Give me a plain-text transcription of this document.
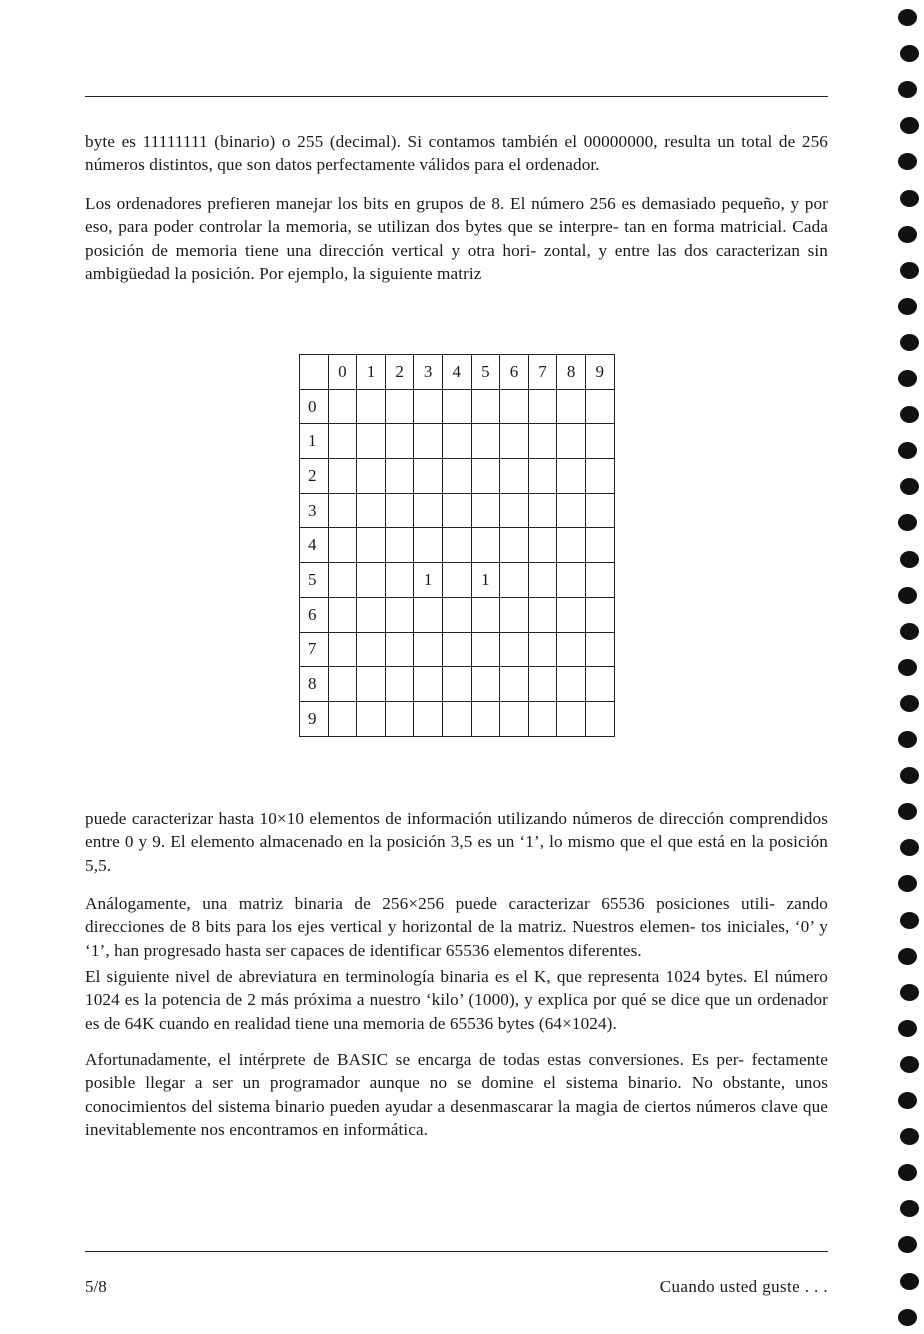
byte es 11111111 (binario) o 255 (decimal). Si contamos también el 00000000, resulta un total de 256 números distintos, que son datos perfectamente válidos para el ordenador.

Los ordenadores prefieren manejar los bits en grupos de 8. El número 256 es demasiado pequeño, y por eso, para poder controlar la memoria, se utilizan dos bytes que se interpre- tan en forma matricial. Cada posición de memoria tiene una dirección vertical y otra hori- zontal, y entre las dos caracterizan sin ambigüedad la posición. Por ejemplo, la siguiente matriz

	0	1	2	3	4	5	6	7	8	9
0										
1										
2										
3										
4										
5				1		1				
6										
7										
8										
9										

puede caracterizar hasta 10×10 elementos de información utilizando números de dirección comprendidos entre 0 y 9. El elemento almacenado en la posición 3,5 es un ‘1’, lo mismo que el que está en la posición 5,5.

Análogamente, una matriz binaria de 256×256 puede caracterizar 65536 posiciones utili- zando direcciones de 8 bits para los ejes vertical y horizontal de la matriz. Nuestros elemen- tos iniciales, ‘0’ y ‘1’, han progresado hasta ser capaces de identificar 65536 elementos diferentes.

El siguiente nivel de abreviatura en terminología binaria es el K, que representa 1024 bytes. El número 1024 es la potencia de 2 más próxima a nuestro ‘kilo’ (1000), y explica por qué se dice que un ordenador es de 64K cuando en realidad tiene una memoria de 65536 bytes (64×1024).

Afortunadamente, el intérprete de BASIC se encarga de todas estas conversiones. Es per- fectamente posible llegar a ser un programador aunque no se domine el sistema binario. No obstante, unos conocimientos del sistema binario pueden ayudar a desenmascarar la magia de ciertos números clave que inevitablemente nos encontramos en informática.

5/8	Cuando usted guste . . .
